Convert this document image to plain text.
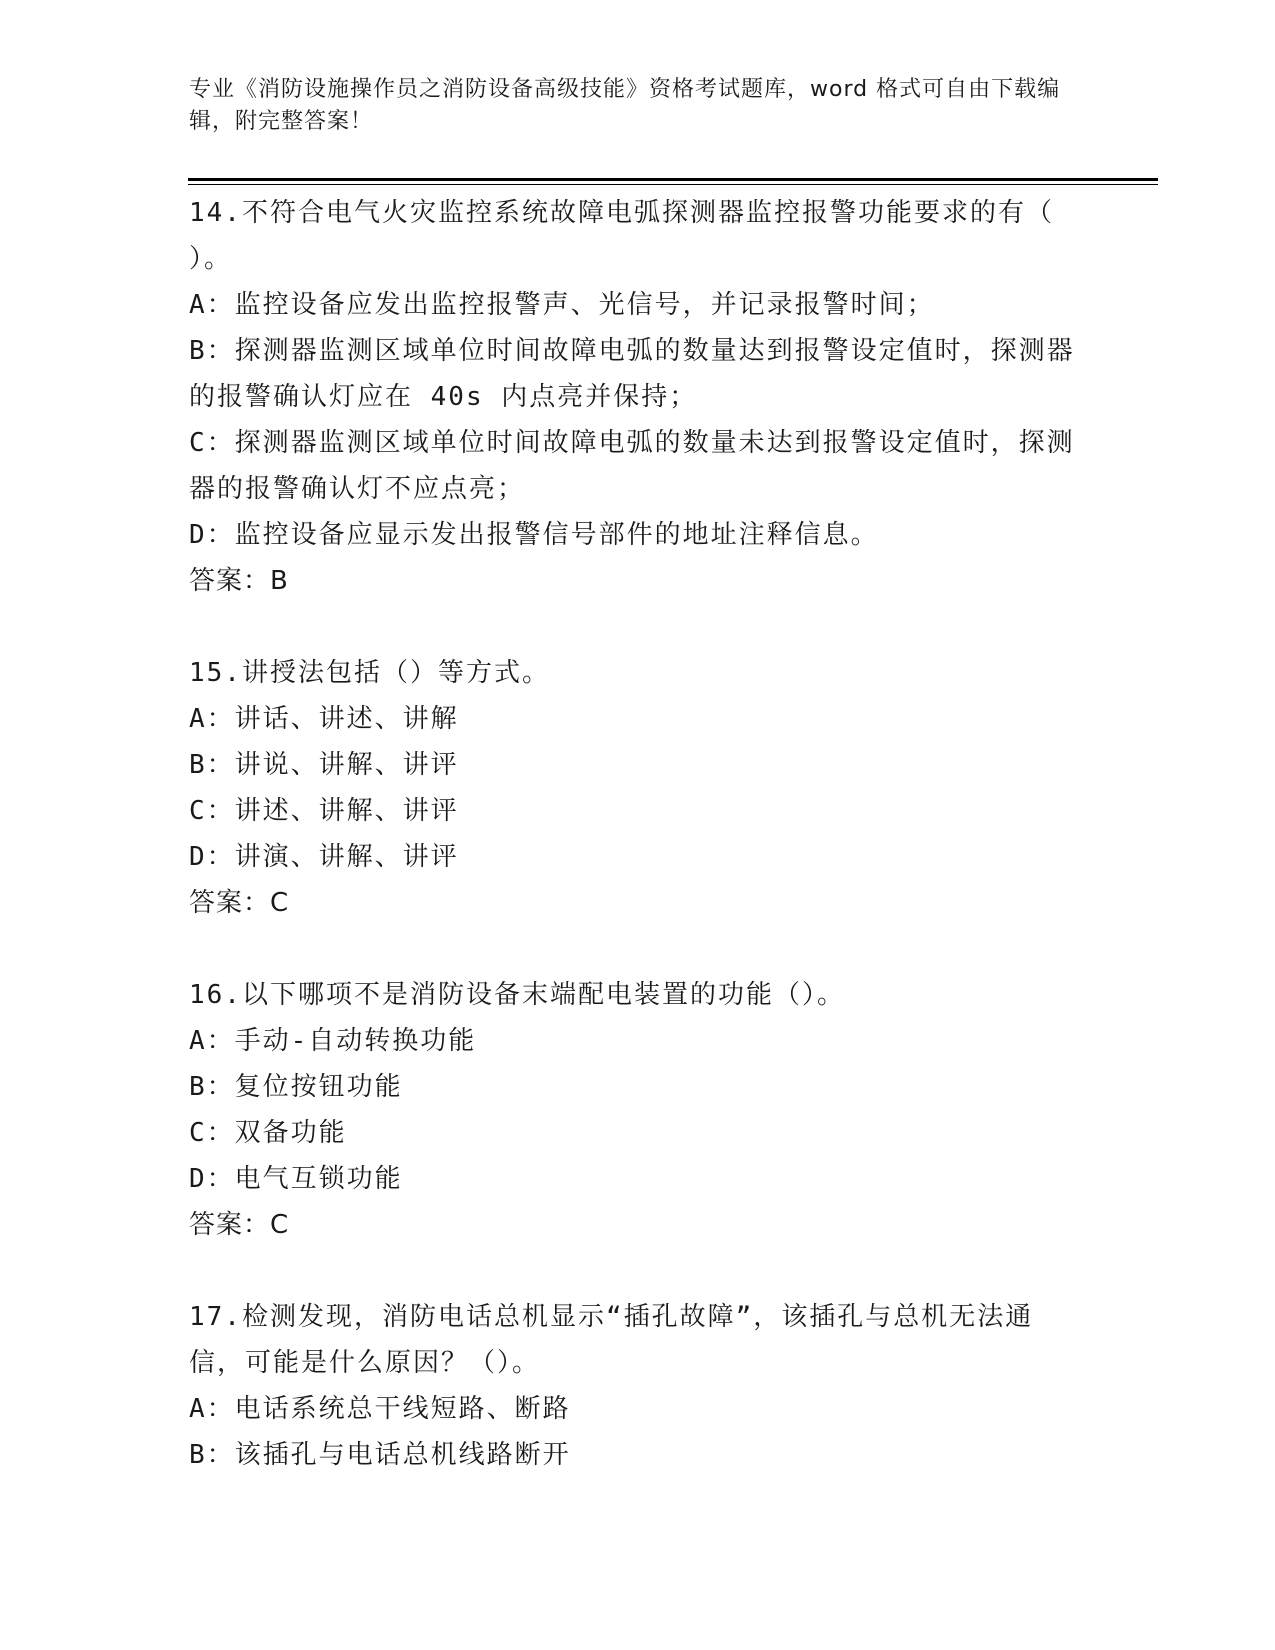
专业《消防设施操作员之消防设备高级技能》资格考试题库，word 格式可自由下载编辑，附完整答案！
14.不符合电气火灾监控系统故障电弧探测器监控报警功能要求的有（ ）。
A：监控设备应发出监控报警声、光信号，并记录报警时间；
B：探测器监测区域单位时间故障电弧的数量达到报警设定值时，探测器的报警确认灯应在 40s 内点亮并保持；
C：探测器监测区域单位时间故障电弧的数量未达到报警设定值时，探测器的报警确认灯不应点亮；
D：监控设备应显示发出报警信号部件的地址注释信息。
答案：B
15.讲授法包括（）等方式。
A：讲话、讲述、讲解
B：讲说、讲解、讲评
C：讲述、讲解、讲评
D：讲演、讲解、讲评
答案：C
16.以下哪项不是消防设备末端配电装置的功能（）。
A：手动-自动转换功能
B：复位按钮功能
C：双备功能
D：电气互锁功能
答案：C
17.检测发现，消防电话总机显示“插孔故障”，该插孔与总机无法通信，可能是什么原因？（）。
A：电话系统总干线短路、断路
B：该插孔与电话总机线路断开
